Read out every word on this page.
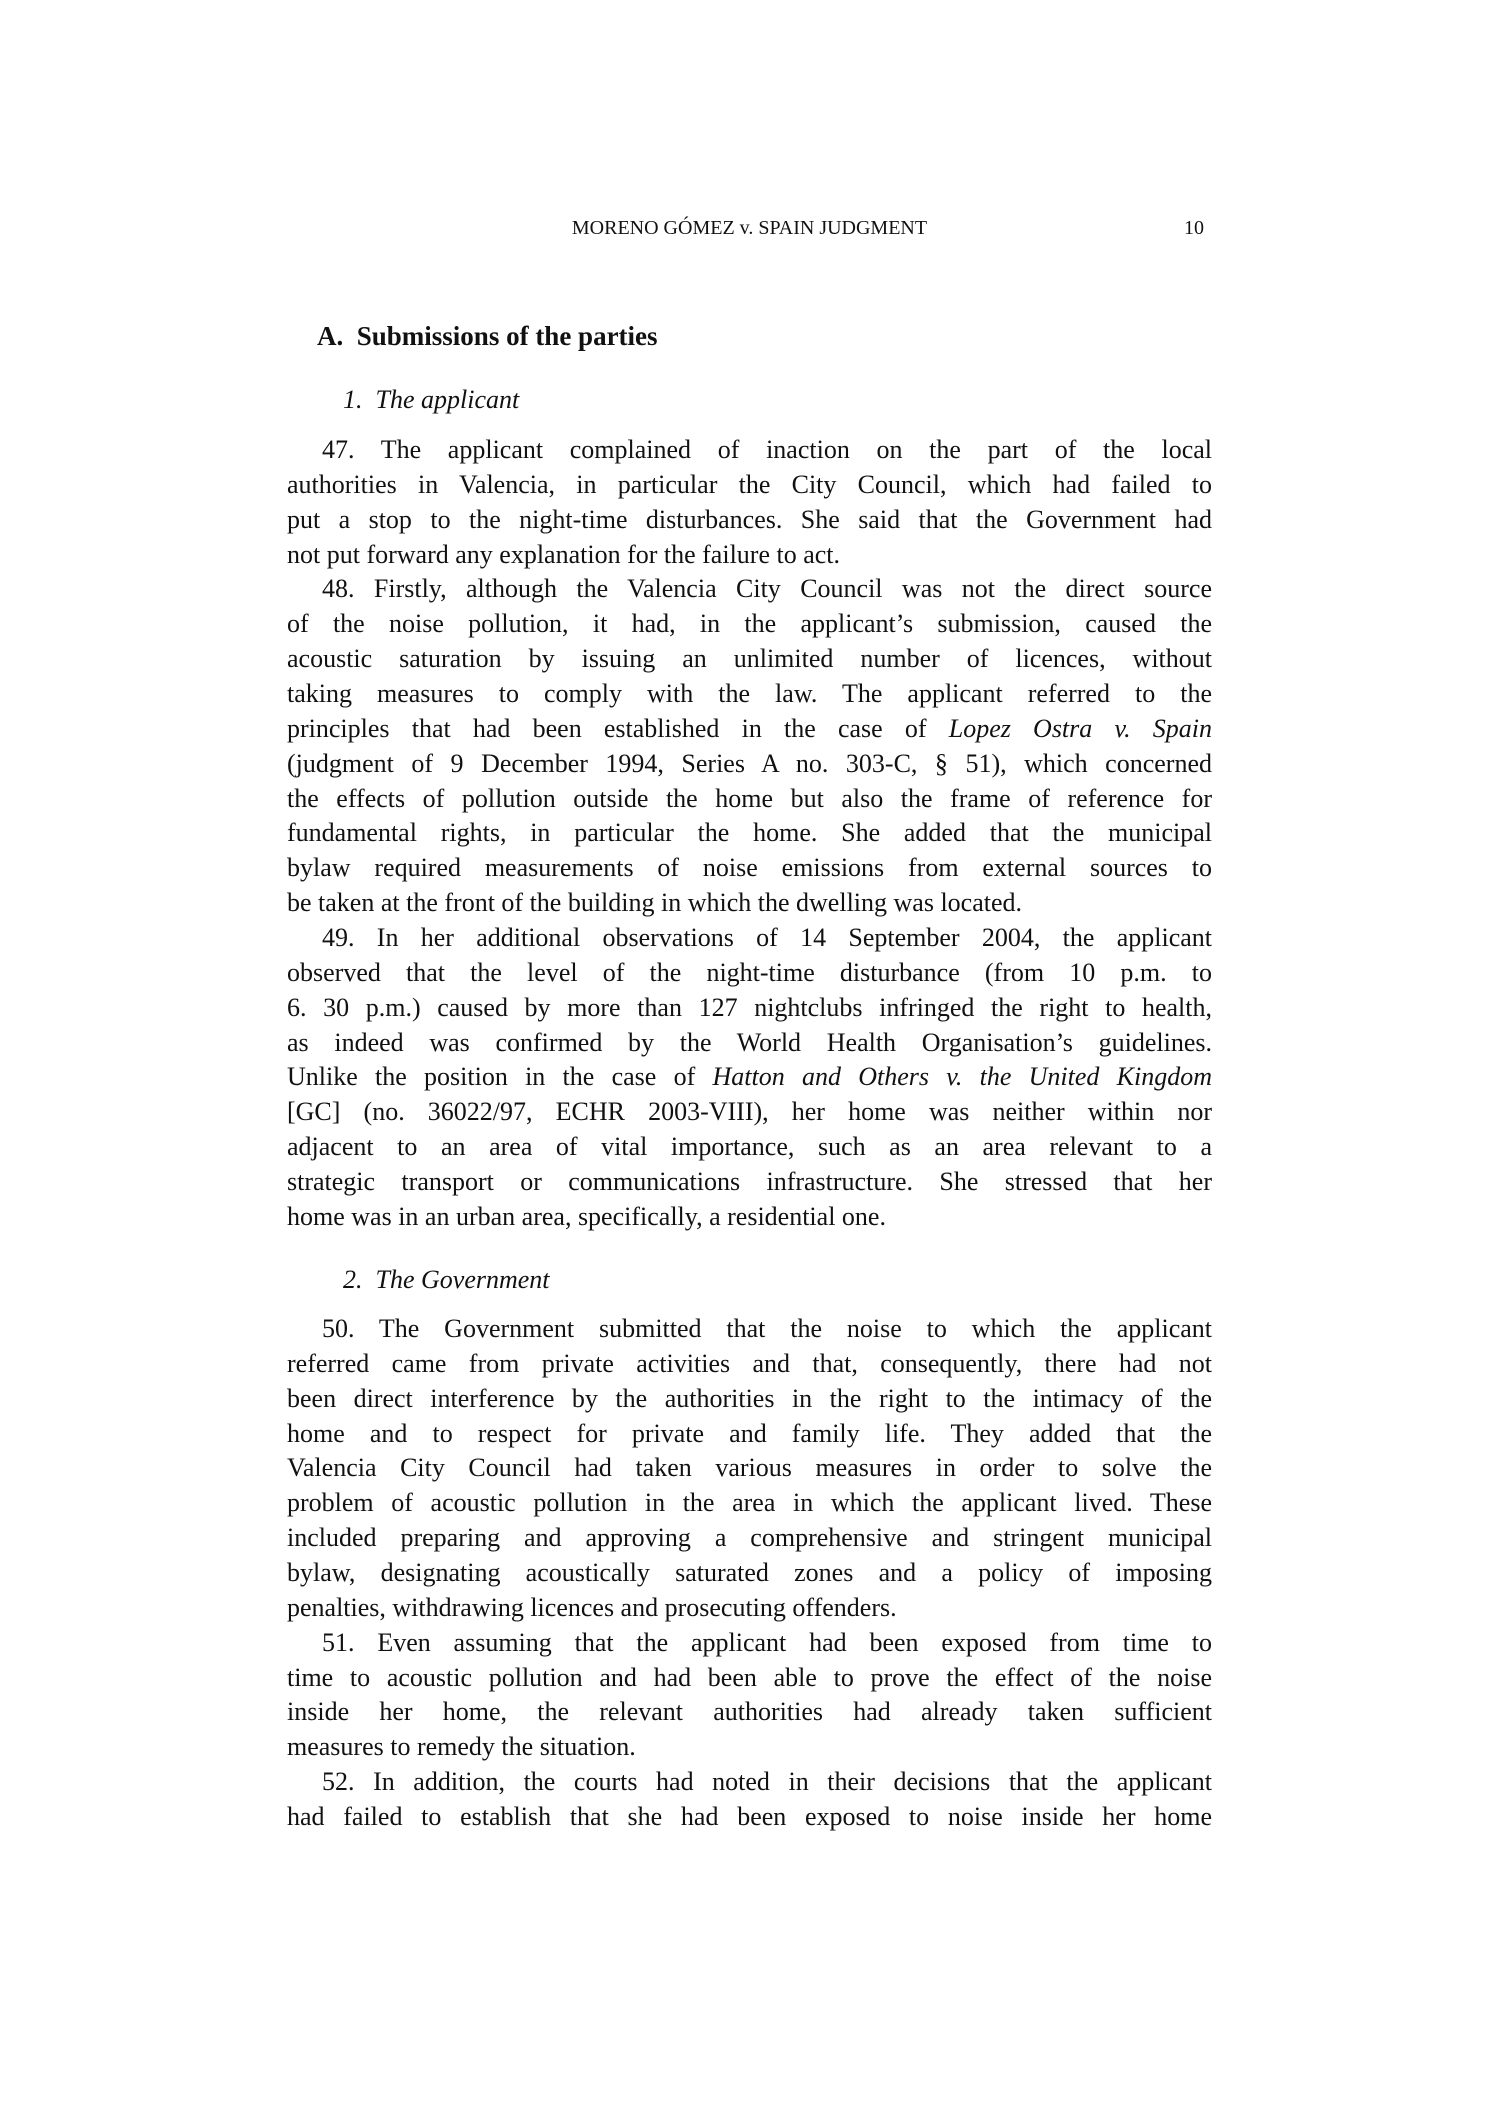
MORENO GÓMEZ v. SPAIN JUDGMENT	10
A.  Submissions of the parties
1.  The applicant
47. The applicant complained of inaction on the part of the local
authorities in Valencia, in particular the City Council, which had failed to
put a stop to the night-time disturbances. She said that the Government had
not put forward any explanation for the failure to act.
48. Firstly, although the Valencia City Council was not the direct source
of the noise pollution, it had, in the applicant’s submission, caused the
acoustic saturation by issuing an unlimited number of licences, without
taking measures to comply with the law. The applicant referred to the
principles that had been established in the case of Lopez Ostra v. Spain
(judgment of 9 December 1994, Series A no. 303-C, § 51), which concerned
the effects of pollution outside the home but also the frame of reference for
fundamental rights, in particular the home. She added that the municipal
bylaw required measurements of noise emissions from external sources to
be taken at the front of the building in which the dwelling was located.
49. In her additional observations of 14 September 2004, the applicant
observed that the level of the night-time disturbance (from 10 p.m. to
6. 30 p.m.) caused by more than 127 nightclubs infringed the right to health,
as indeed was confirmed by the World Health Organisation’s guidelines.
Unlike the position in the case of Hatton and Others v. the United Kingdom
[GC] (no. 36022/97, ECHR 2003-VIII), her home was neither within nor
adjacent to an area of vital importance, such as an area relevant to a
strategic transport or communications infrastructure. She stressed that her
home was in an urban area, specifically, a residential one.
2.  The Government
50. The Government submitted that the noise to which the applicant
referred came from private activities and that, consequently, there had not
been direct interference by the authorities in the right to the intimacy of the
home and to respect for private and family life. They added that the
Valencia City Council had taken various measures in order to solve the
problem of acoustic pollution in the area in which the applicant lived. These
included preparing and approving a comprehensive and stringent municipal
bylaw, designating acoustically saturated zones and a policy of imposing
penalties, withdrawing licences and prosecuting offenders.
51. Even assuming that the applicant had been exposed from time to
time to acoustic pollution and had been able to prove the effect of the noise
inside her home, the relevant authorities had already taken sufficient
measures to remedy the situation.
52. In addition, the courts had noted in their decisions that the applicant
had failed to establish that she had been exposed to noise inside her home
